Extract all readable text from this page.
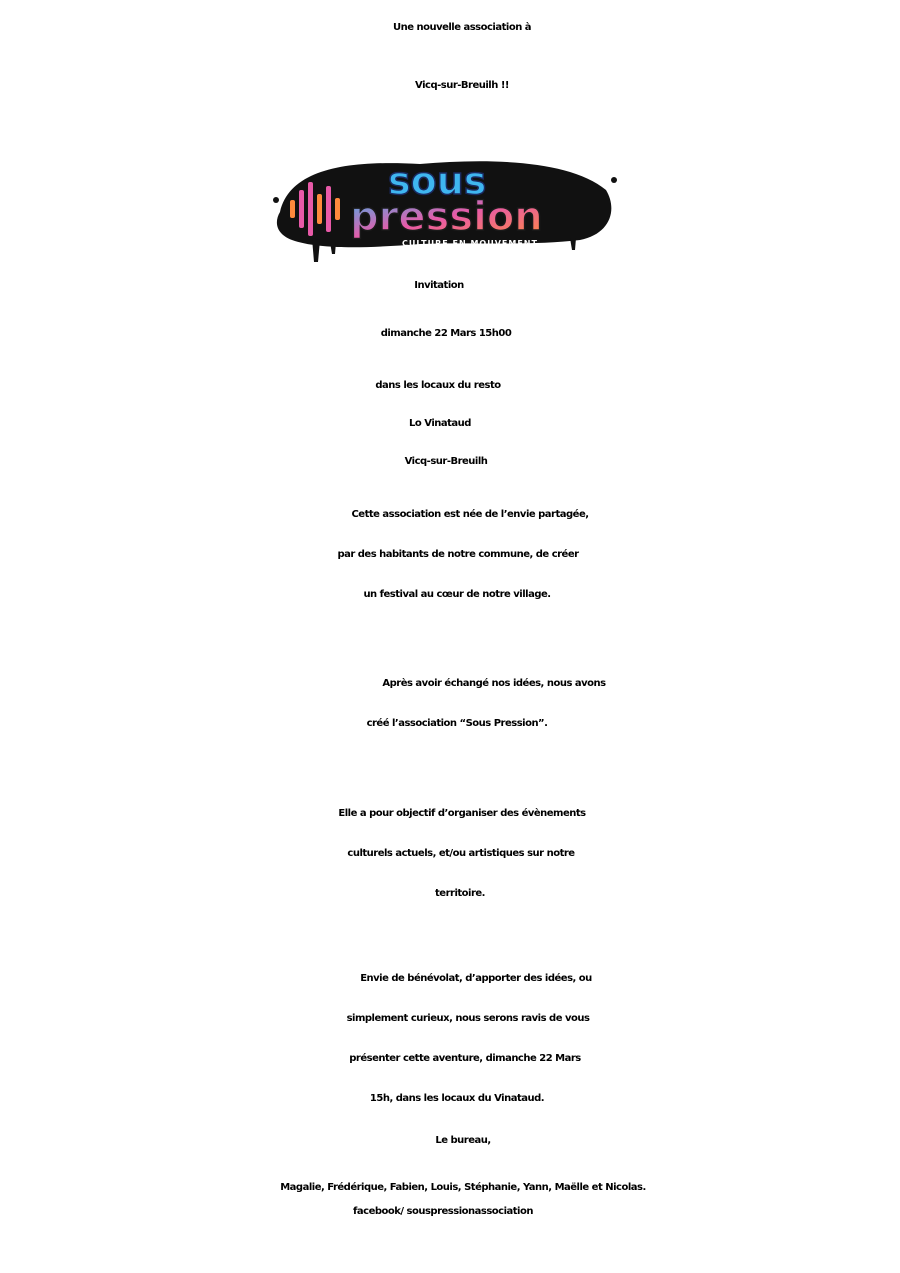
Une nouvelle association à
Vicq-sur-Breuilh !!
sous
pression
CULTURE EN MOUVEMENT
Invitation
dimanche 22 Mars 15h00
dans les locaux du resto
Lo Vinataud
Vicq-sur-Breuilh
Cette association est née de l’envie partagée,
par des habitants de notre commune, de créer
un festival au cœur de notre village.
Après avoir échangé nos idées, nous avons
créé l’association “Sous Pression”.
Elle a pour objectif d’organiser des évènements
culturels actuels, et/ou artistiques sur notre
territoire.
Envie de bénévolat, d’apporter des idées, ou
simplement curieux, nous serons ravis de vous
présenter cette aventure, dimanche 22 Mars
15h, dans les locaux du Vinataud.
Le bureau,
Magalie, Frédérique, Fabien, Louis, Stéphanie, Yann, Maëlle et Nicolas.
facebook/ souspressionassociation
